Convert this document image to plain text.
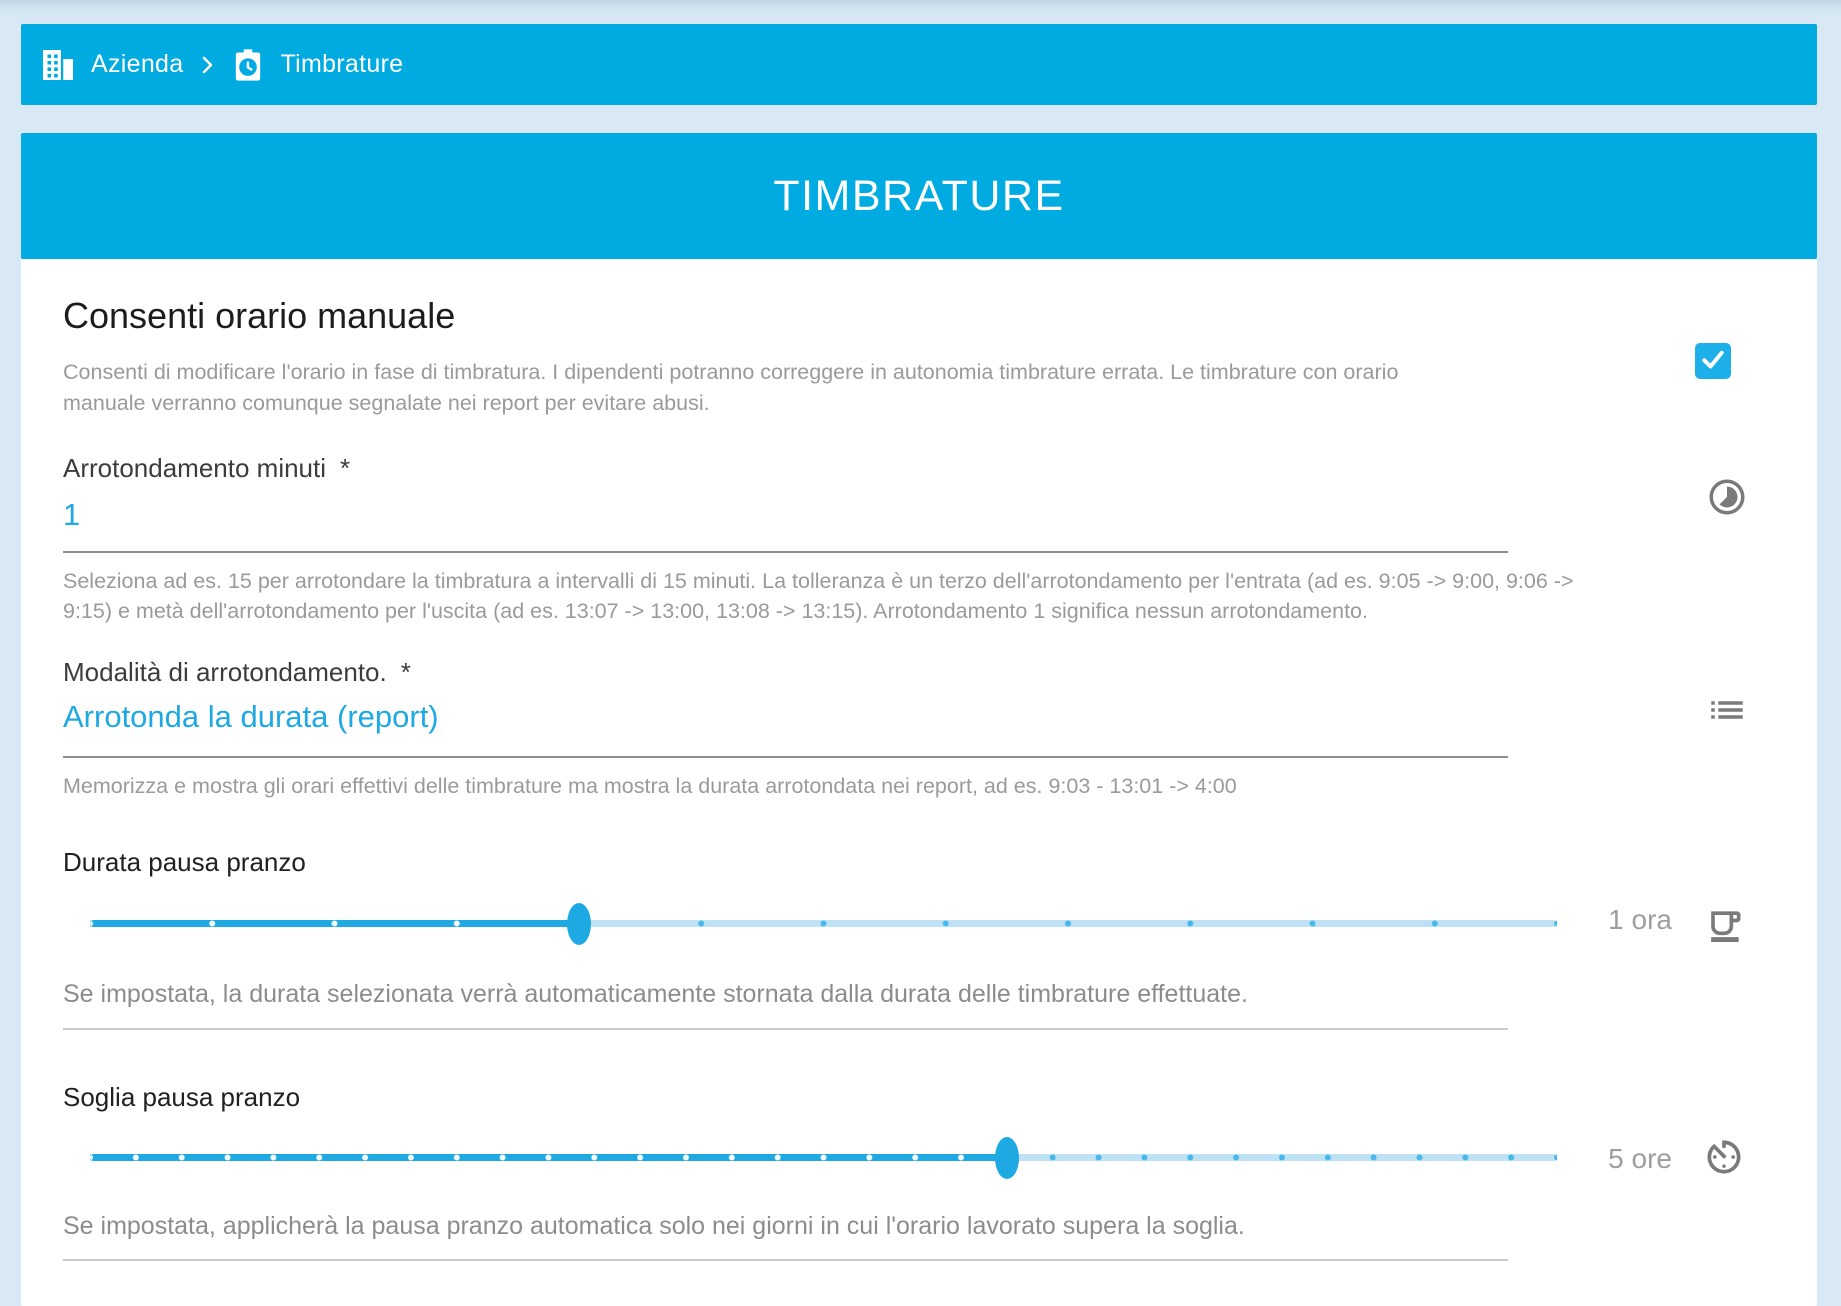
Azienda	Timbrature
TIMBRATURE
Consenti orario manuale
Consenti di modificare l'orario in fase di timbratura. I dipendenti potranno correggere in autonomia timbrature errata. Le timbrature con orario
manuale verranno comunque segnalate nei report per evitare abusi.
Arrotondamento minuti *
1
Seleziona ad es. 15 per arrotondare la timbratura a intervalli di 15 minuti. La tolleranza è un terzo dell'arrotondamento per l'entrata (ad es. 9:05 -> 9:00, 9:06 ->
9:15) e metà dell'arrotondamento per l'uscita (ad es. 13:07 -> 13:00, 13:08 -> 13:15). Arrotondamento 1 significa nessun arrotondamento.
Modalità di arrotondamento. *
Arrotonda la durata (report)
Memorizza e mostra gli orari effettivi delle timbrature ma mostra la durata arrotondata nei report, ad es. 9:03 - 13:01 -> 4:00
Durata pausa pranzo
1 ora
Se impostata, la durata selezionata verrà automaticamente stornata dalla durata delle timbrature effettuate.
Soglia pausa pranzo
5 ore
Se impostata, applicherà la pausa pranzo automatica solo nei giorni in cui l'orario lavorato supera la soglia.
